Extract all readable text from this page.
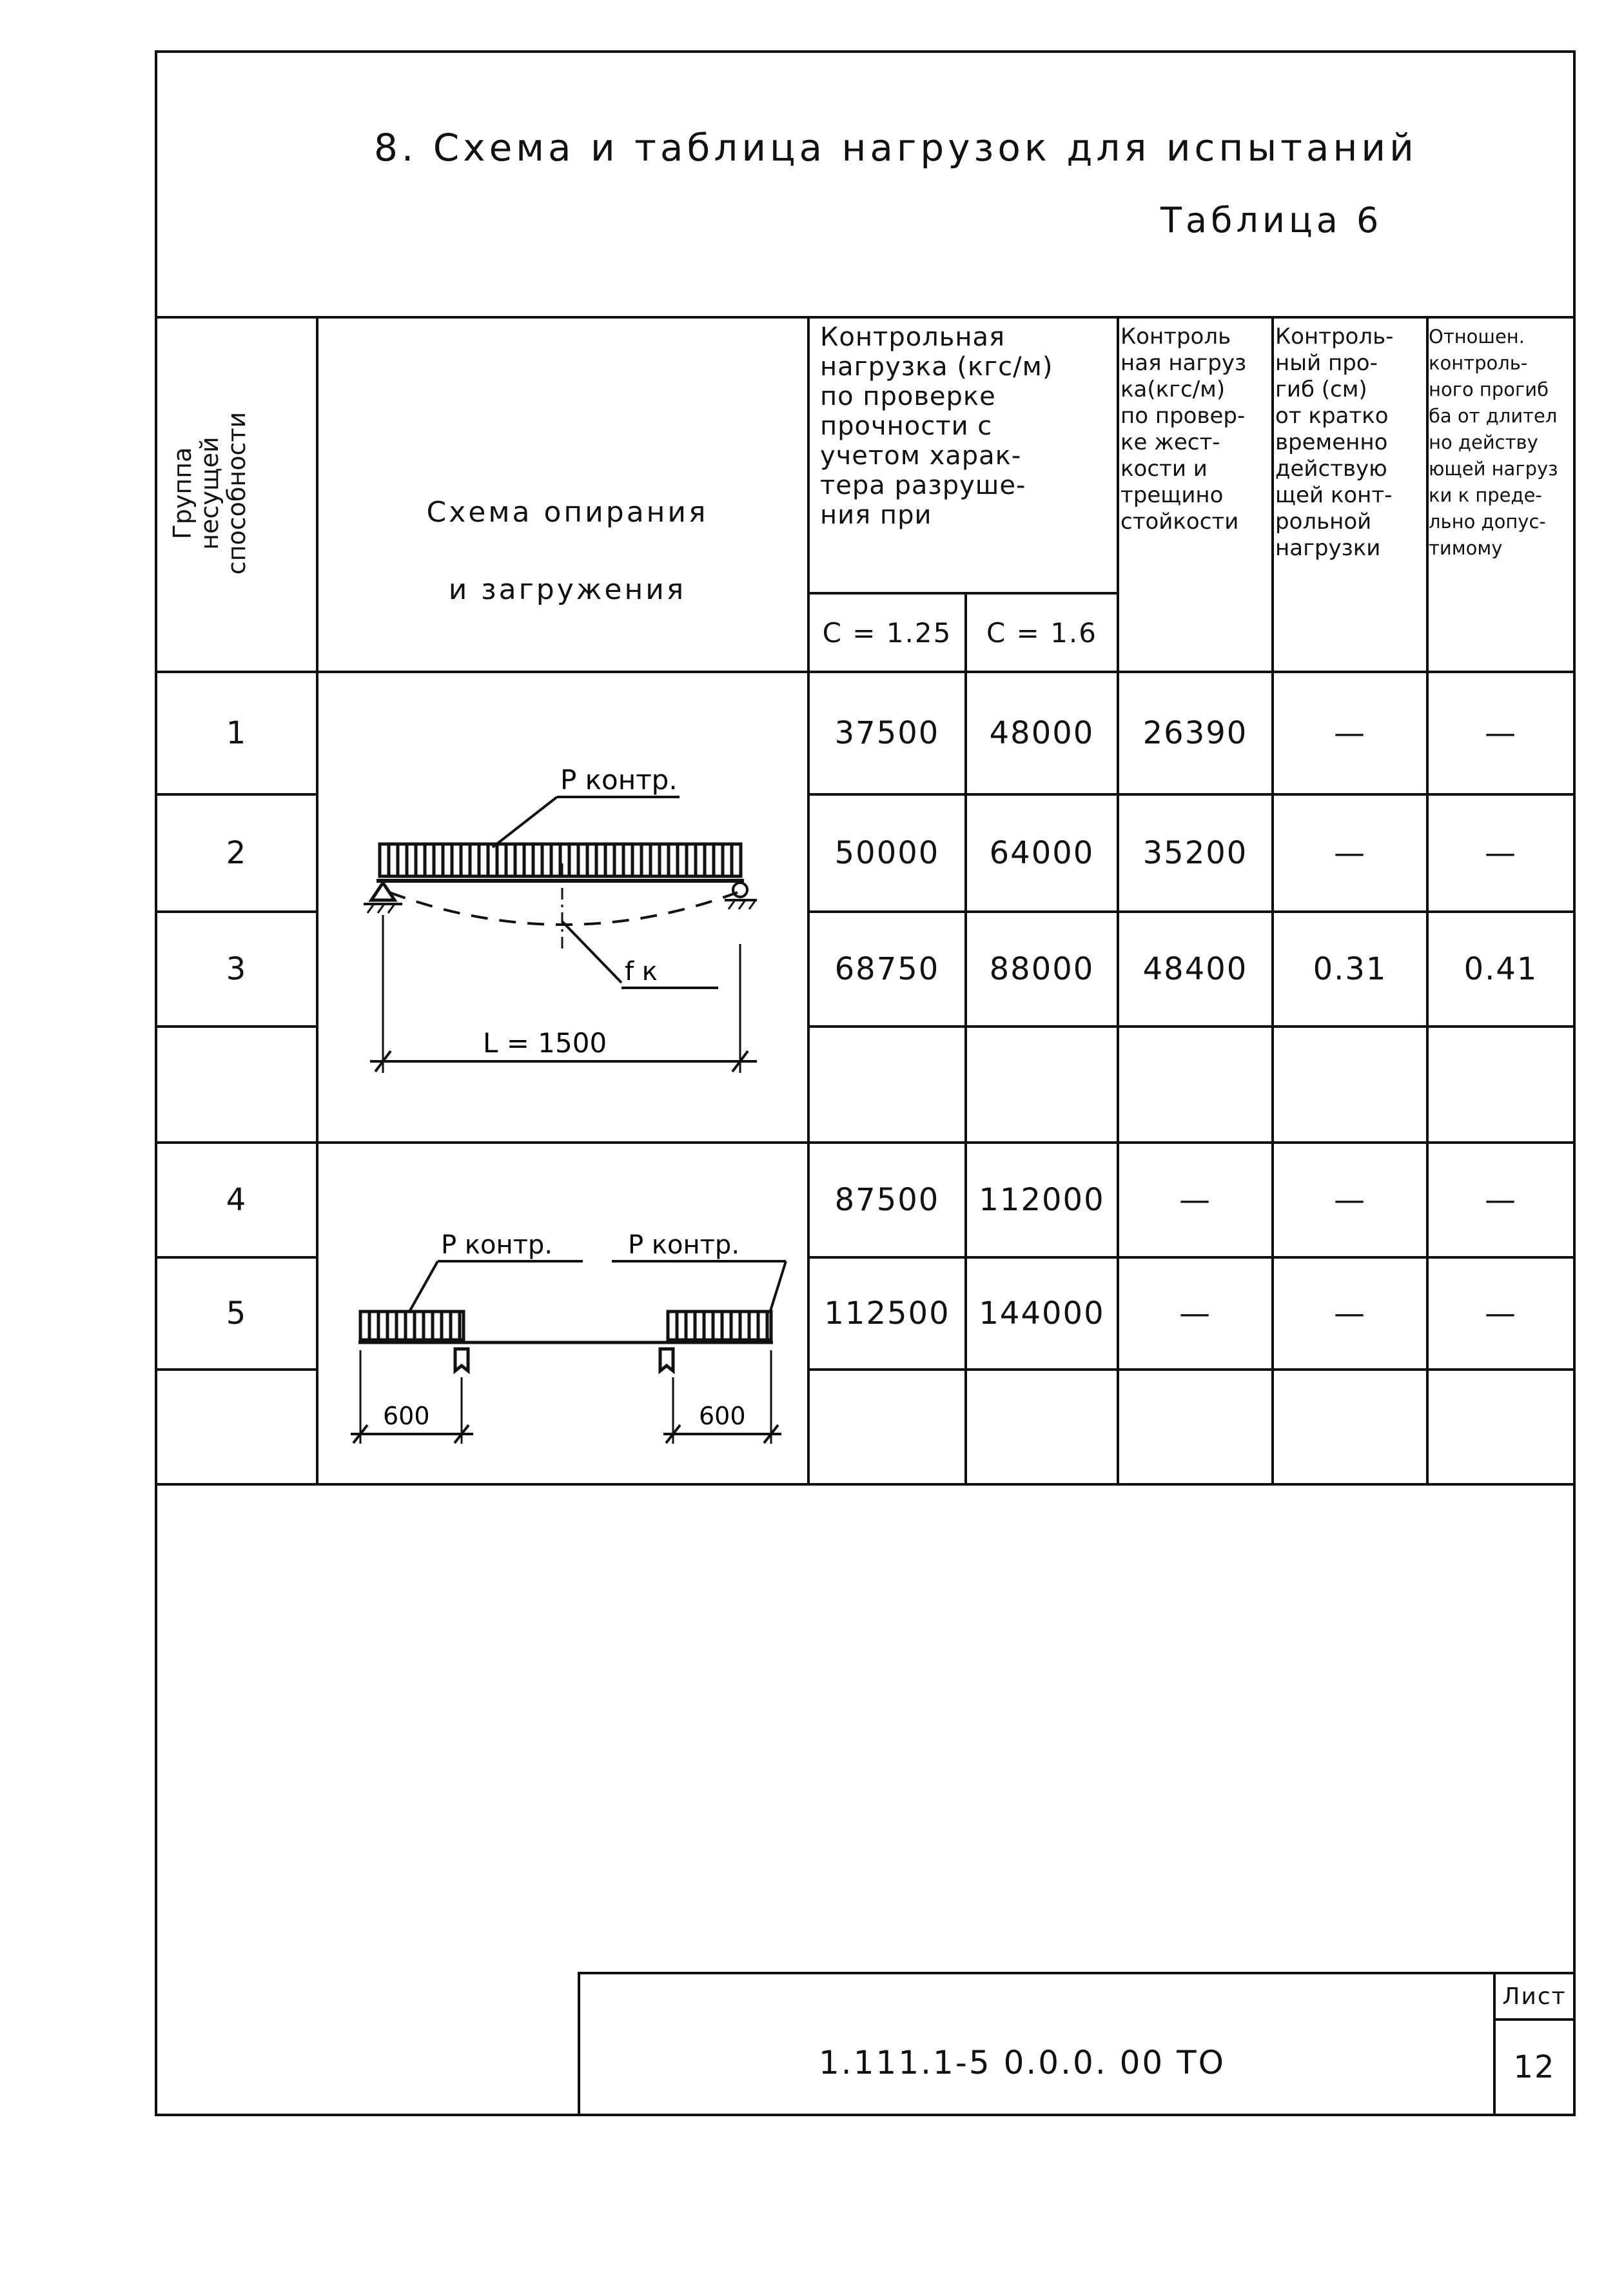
8. Схема и таблица нагрузок для испытаний
Таблица 6
Группа
несущей
способности	Схема опирания
и загружения
Контрольная
нагрузка (кгс/м)
по проверке
прочности с
учетом харак-
тера разруше-
ния при
С = 1.25	С = 1.6
Контроль
ная нагруз
ка(кгс/м)
по провер-
ке жест-
кости и
трещино
стойкости
Контроль-
ный про-
гиб (см)
от кратко
временно
действую
щей конт-
рольной
нагрузки
Отношен.
контроль-
ного прогиб
ба от длител
но действу
ющей нагруз
ки к преде-
льно допус-
тимому
1	37500	48000	26390	—	—
2	50000	64000	35200	—	—
3	68750	88000	48400	0.31	0.41
4	87500	112000	—	—	—
5	112500 144000	—	—	—
Р контр.
f к
L = 1500
Р контр.	Р контр.
600	600
1.111.1-5 0.0.0. 00 ТО
Лист
12
